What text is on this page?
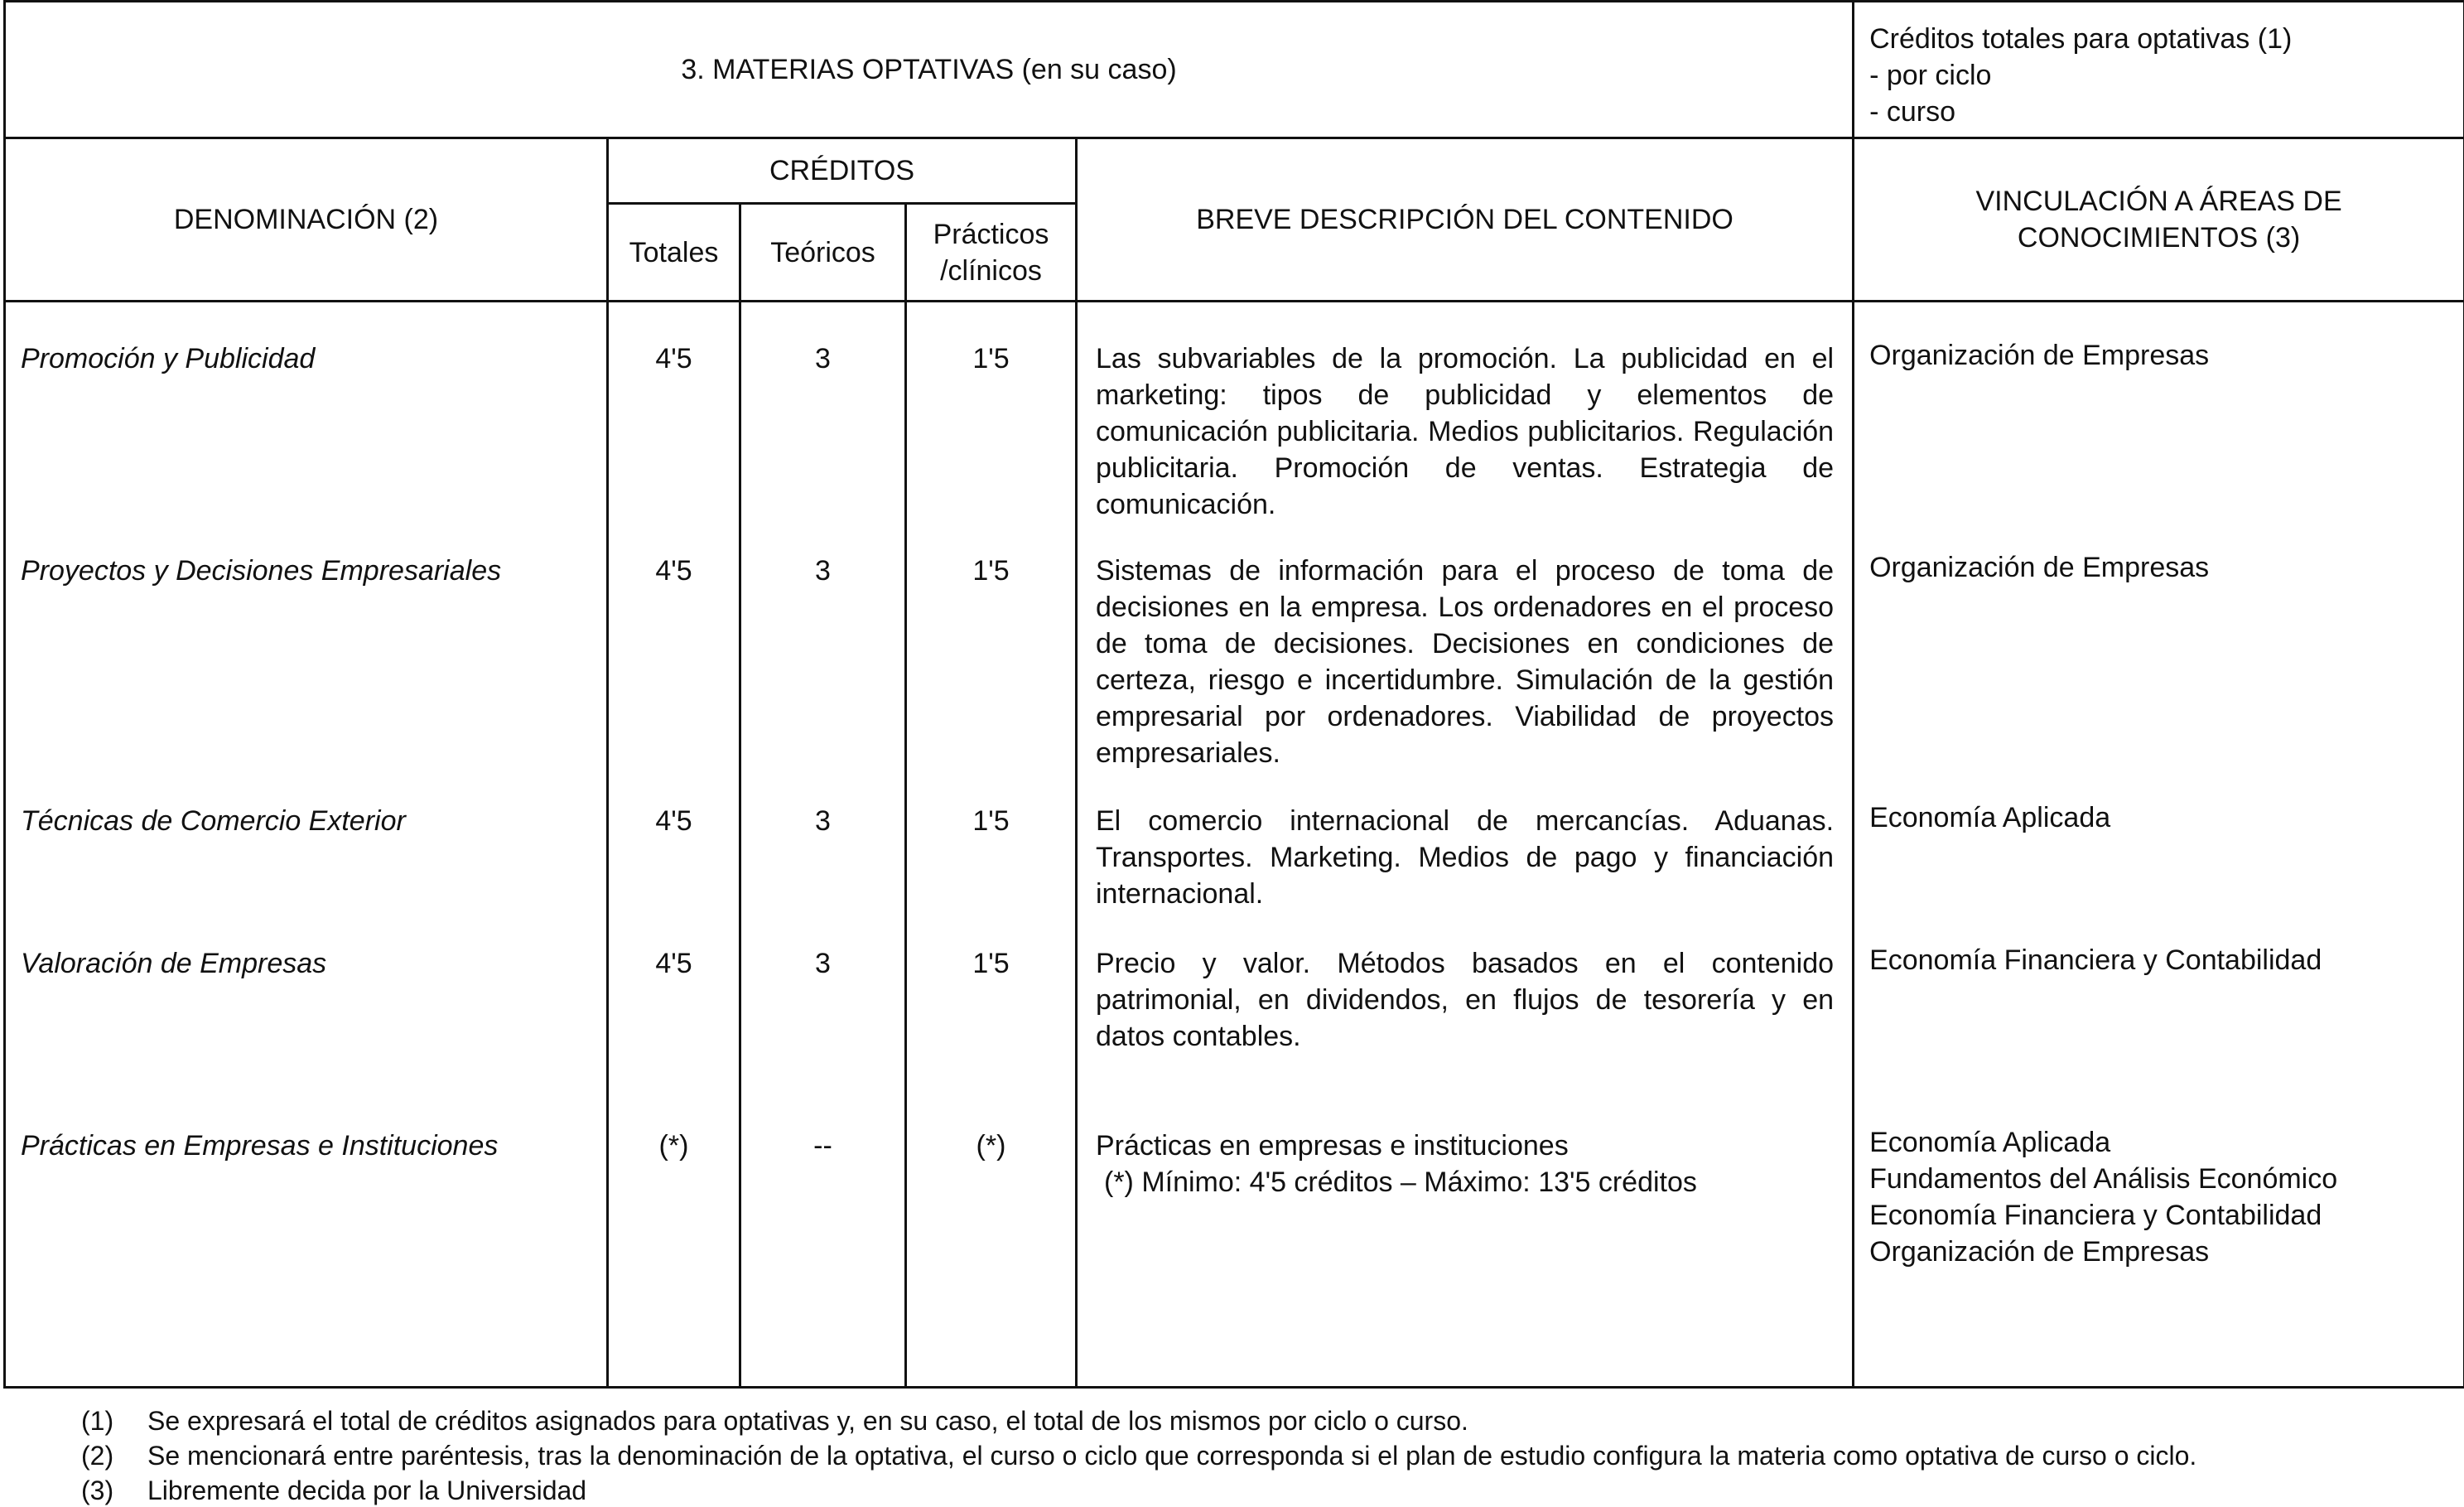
3. MATERIAS OPTATIVAS (en su caso)					Créditos totales para optativas (1)
- por ciclo
- curso

DENOMINACIÓN (2)	CRÉDITOS			BREVE DESCRIPCIÓN DEL CONTENIDO	VINCULACIÓN A ÁREAS DE
CONOCIMIENTOS (3)

	Totales	Teóricos	Prácticos
/clínicos		

Promoción y Publicidad	4'5	3	1'5	Las subvariables de la promoción. La publicidad en el marketing: tipos de publicidad y elementos de comunicación publicitaria. Medios publicitarios. Regulación publicitaria. Promoción de ventas. Estrategia de comunicación.	Organización de Empresas

Proyectos y Decisiones Empresariales	4'5	3	1'5	Sistemas de información para el proceso de toma de decisiones en la empresa. Los ordenadores en el proceso de toma de decisiones. Decisiones en condiciones de certeza, riesgo e incertidumbre. Simulación de la gestión empresarial por ordenadores. Viabilidad de proyectos empresariales.	Organización de Empresas

Técnicas de Comercio Exterior	4'5	3	1'5	El comercio internacional de mercancías. Aduanas. Transportes. Marketing. Medios de pago y financiación internacional.	Economía Aplicada

Valoración de Empresas	4'5	3	1'5	Precio y valor. Métodos basados en el contenido patrimonial, en dividendos, en flujos de tesorería y en datos contables.	Economía Financiera y Contabilidad

Prácticas en Empresas e Instituciones	(*)	--	(*)	Prácticas en empresas e instituciones
(*) Mínimo: 4'5 créditos – Máximo: 13'5 créditos	Economía Aplicada
Fundamentos del Análisis Económico
Economía Financiera y Contabilidad
Organización de Empresas
(1) Se expresará el total de créditos asignados para optativas y, en su caso, el total de los mismos por ciclo o curso.
(2) Se mencionará entre paréntesis, tras la denominación de la optativa, el curso o ciclo que corresponda si el plan de estudio configura la materia como optativa de curso o ciclo.
(3) Libremente decida por la Universidad
